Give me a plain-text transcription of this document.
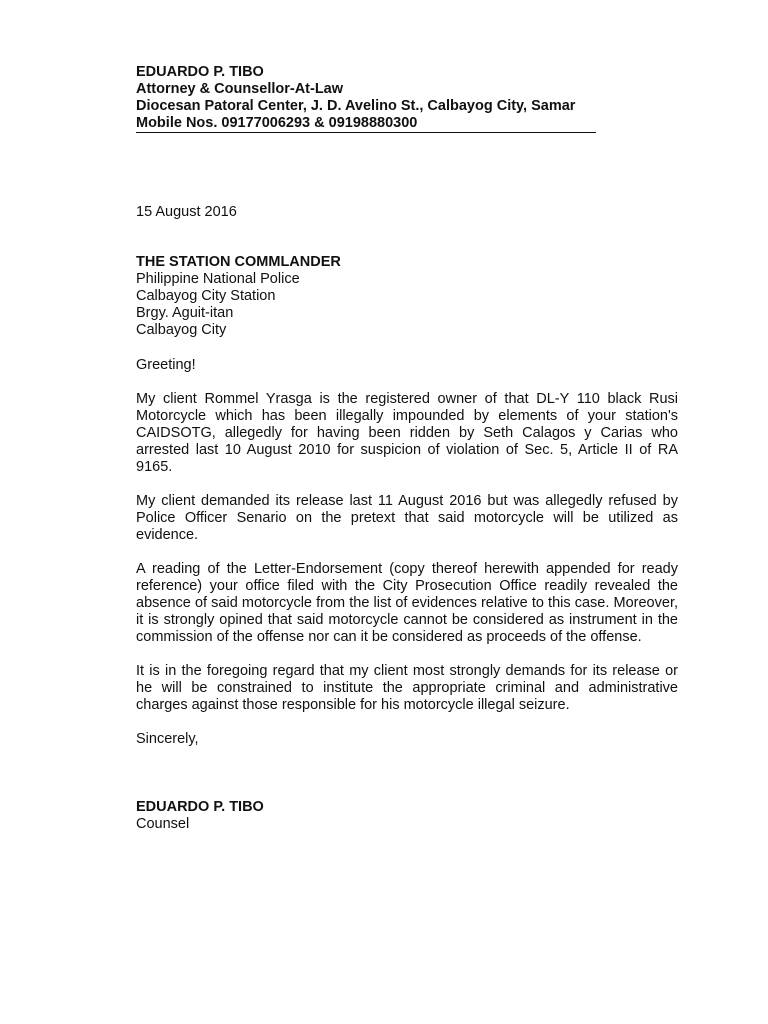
EDUARDO P. TIBO
Attorney & Counsellor-At-Law
Diocesan Patoral Center, J. D. Avelino St., Calbayog City, Samar
Mobile Nos. 09177006293 & 09198880300
15 August 2016
THE STATION COMMLANDER
Philippine National Police
Calbayog City Station
Brgy. Aguit-itan
Calbayog City
Greeting!
My client Rommel Yrasga is the registered owner of that DL-Y 110 black Rusi Motorcycle which has been illegally impounded by elements of your station's CAIDSOTG, allegedly for having been ridden by Seth Calagos y Carias who arrested last 10 August 2010 for suspicion of violation of Sec. 5, Article II of RA 9165.
My client demanded its release last 11 August 2016 but was allegedly refused by Police Officer Senario on the pretext that said motorcycle will be utilized as evidence.
A reading of the Letter-Endorsement (copy thereof herewith appended for ready reference) your office filed with the City Prosecution Office readily revealed the absence of said motorcycle from the list of evidences relative to this case. Moreover, it is strongly opined that said motorcycle cannot be considered as instrument in the commission of the offense nor can it be considered as proceeds of the offense.
It is in the foregoing regard that my client most strongly demands for its release or he will be constrained to institute the appropriate criminal and administrative charges against those responsible for his motorcycle illegal seizure.
Sincerely,
EDUARDO P. TIBO
Counsel
